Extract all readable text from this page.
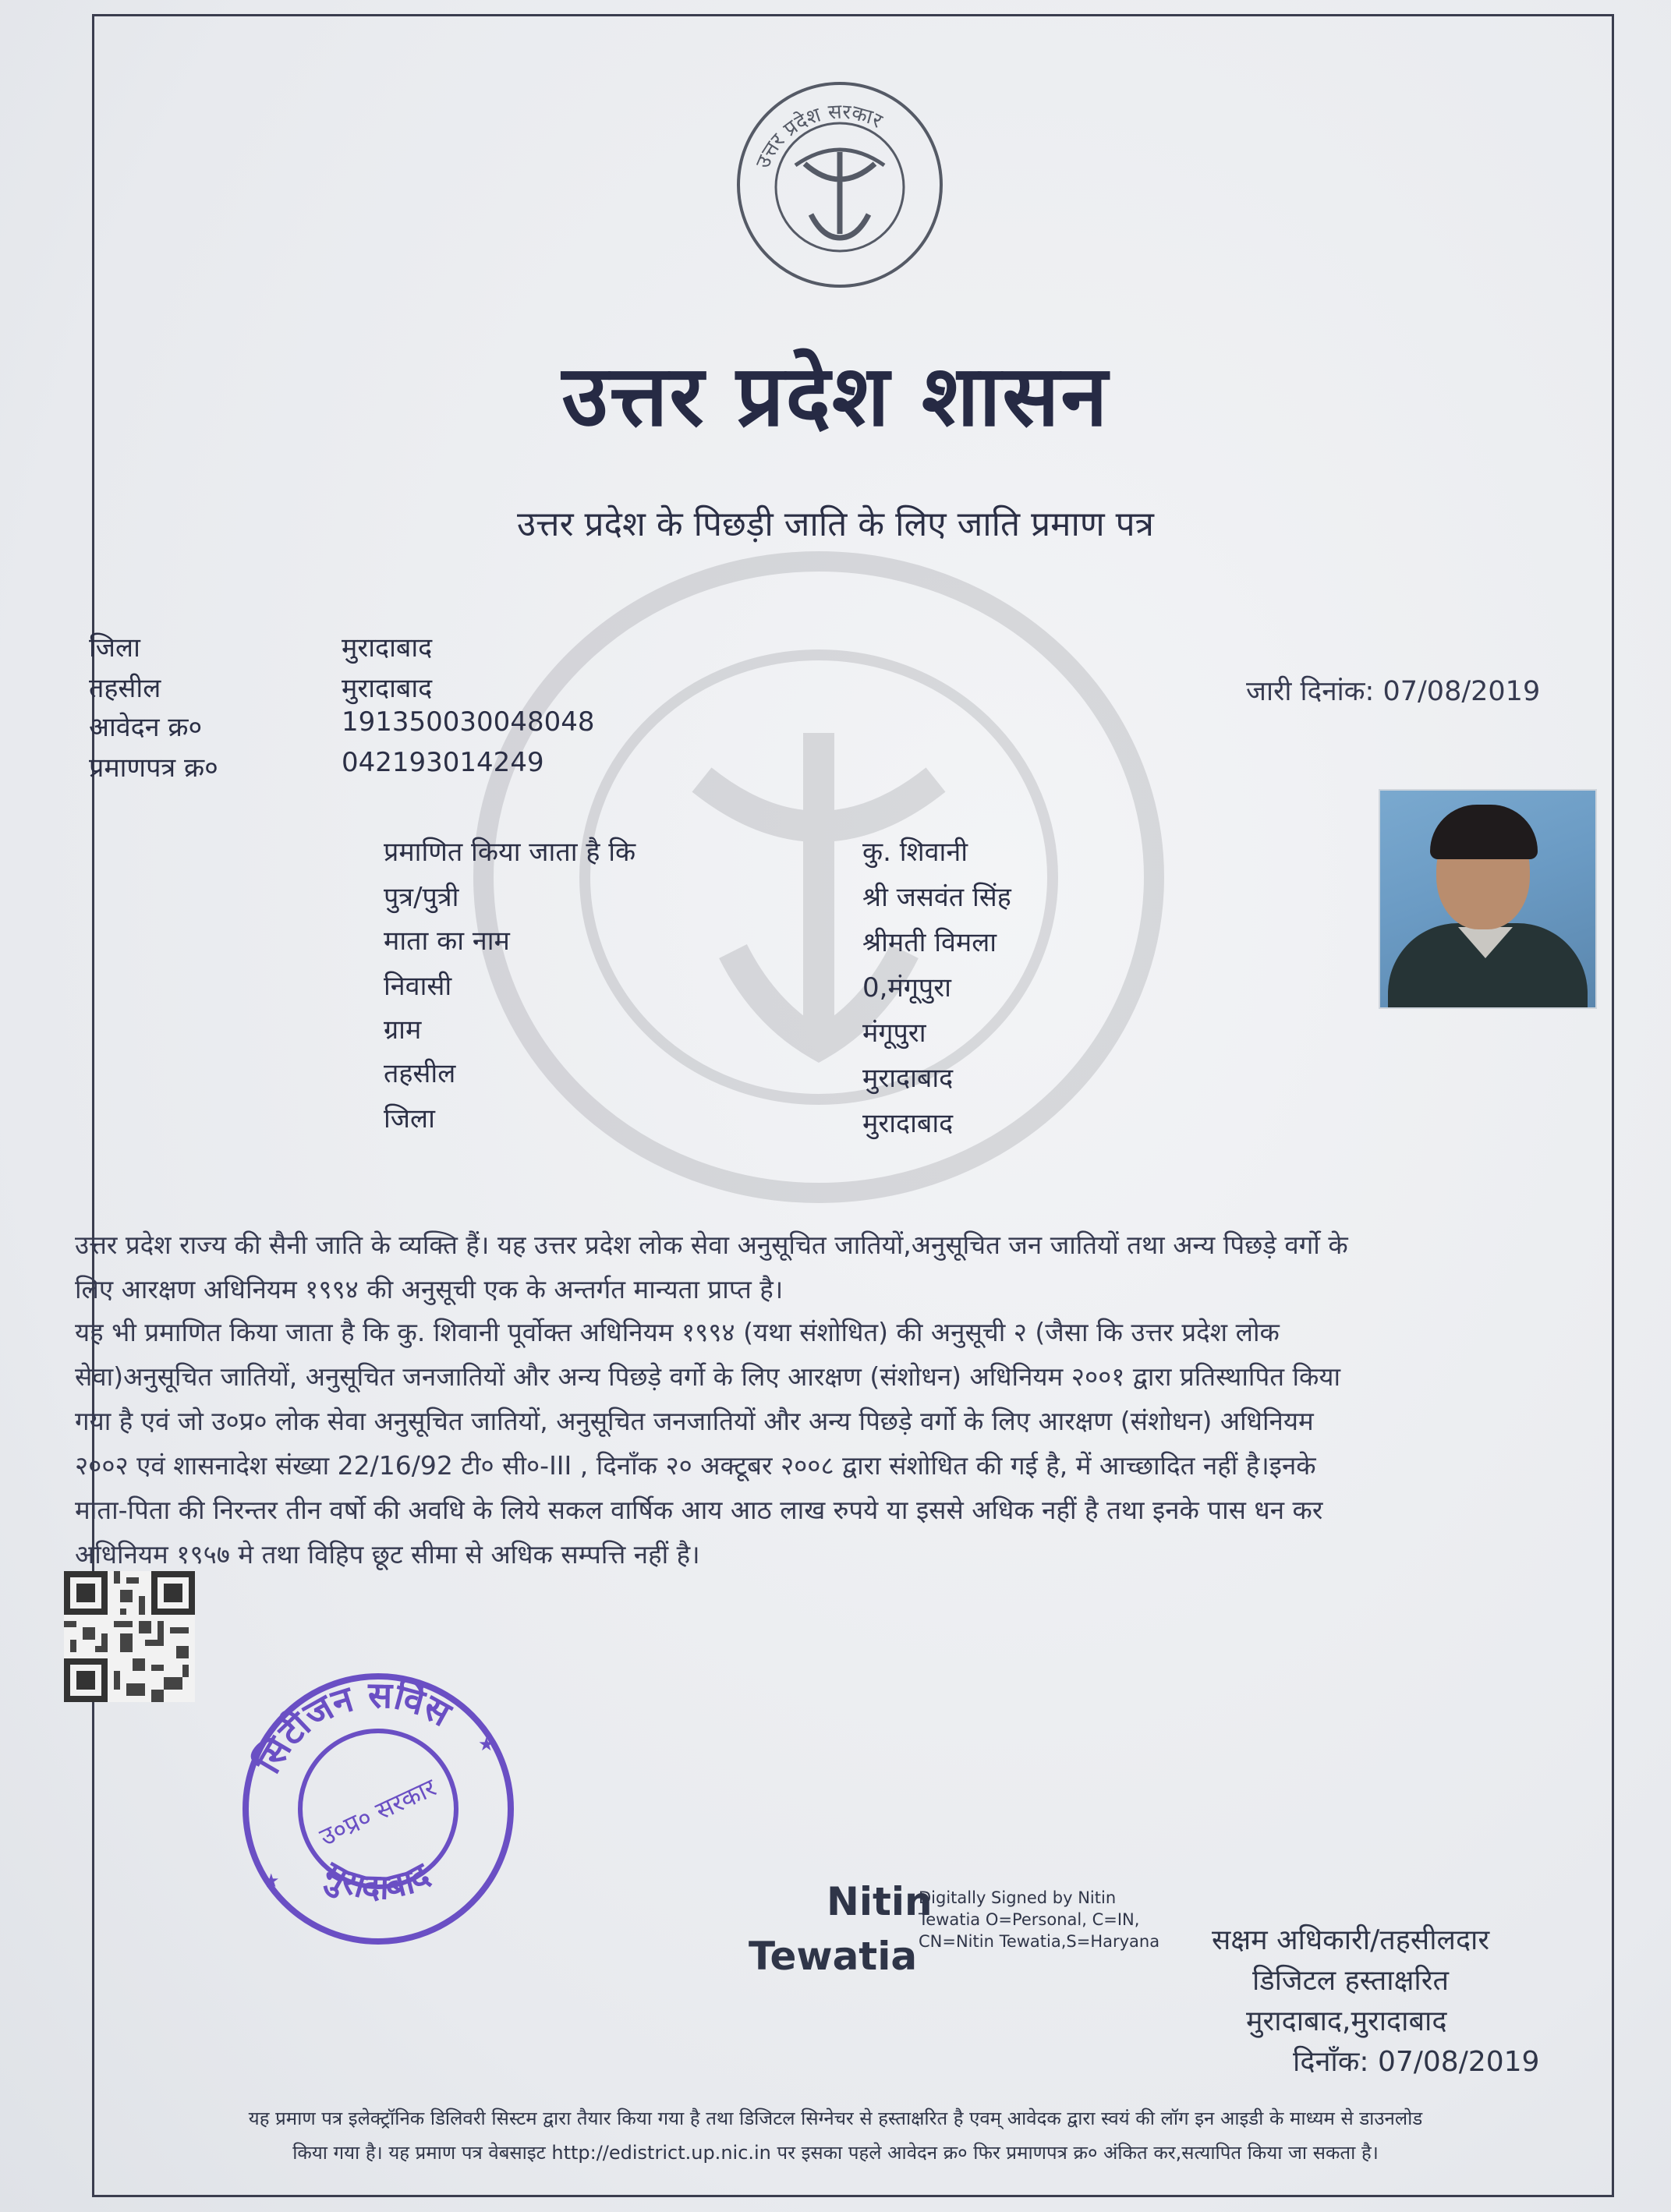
उत्तर प्रदेश सरकार
उत्तर प्रदेश शासन
उत्तर प्रदेश के पिछड़ी जाति के लिए जाति प्रमाण पत्र
जिला	मुरादाबाद
तहसील	मुरादाबाद
आवेदन क्र०	191350030048048
प्रमाणपत्र क्र०	042193014249
जारी दिनांक: 07/08/2019
प्रमाणित किया जाता है कि	कु. शिवानी
पुत्र/पुत्री	श्री जसवंत सिंह
माता का नाम	श्रीमती विमला
निवासी	0,मंगूपुरा
ग्राम	मंगूपुरा
तहसील	मुरादाबाद
जिला	मुरादाबाद
उत्तर प्रदेश राज्य की सैनी जाति के व्यक्ति हैं। यह उत्तर प्रदेश लोक सेवा अनुसूचित जातियों,अनुसूचित जन जातियों तथा अन्य पिछड़े वर्गो के
लिए आरक्षण अधिनियम १९९४ की अनुसूची एक के अन्तर्गत मान्यता प्राप्त है।
यह भी प्रमाणित किया जाता है कि कु. शिवानी पूर्वोक्त अधिनियम १९९४ (यथा संशोधित) की अनुसूची २ (जैसा कि उत्तर प्रदेश लोक
सेवा)अनुसूचित जातियों, अनुसूचित जनजातियों और अन्य पिछड़े वर्गो के लिए आरक्षण (संशोधन) अधिनियम २००१ द्वारा प्रतिस्थापित किया
गया है एवं जो उ०प्र० लोक सेवा अनुसूचित जातियों, अनुसूचित जनजातियों और अन्य पिछड़े वर्गो के लिए आरक्षण (संशोधन) अधिनियम
२००२ एवं शासनादेश संख्या 22/16/92 टी० सी०-III , दिनाँक २० अक्टूबर २००८ द्वारा संशोधित की गई है, में आच्छादित नहीं है।इनके
माता-पिता की निरन्तर तीन वर्षो की अवधि के लिये सकल वार्षिक आय आठ लाख रुपये या इससे अधिक नहीं है तथा इनके पास धन कर
अधिनियम १९५७ मे तथा विहिप छूट सीमा से अधिक सम्पत्ति नहीं है।
सिटीजन सर्विस
मुरादाबाद
उ०प्र० सरकार
★
★
Nitin
Tewatia
Digitally Signed by Nitin Tewatia O=Personal, C=IN, CN=Nitin Tewatia,S=Haryana	सक्षम अधिकारी/तहसीलदार
डिजिटल हस्ताक्षरित
मुरादाबाद,मुरादाबाद
दिनाँक: 07/08/2019
यह प्रमाण पत्र इलेक्ट्रॉनिक डिलिवरी सिस्टम द्वारा तैयार किया गया है तथा डिजिटल सिग्नेचर से हस्ताक्षरित है एवम् आवेदक द्वारा स्वयं की लॉग इन आइडी के माध्यम से डाउनलोड
किया गया है। यह प्रमाण पत्र वेबसाइट http://edistrict.up.nic.in पर इसका पहले आवेदन क्र० फिर प्रमाणपत्र क्र० अंकित कर,सत्यापित किया जा सकता है।
